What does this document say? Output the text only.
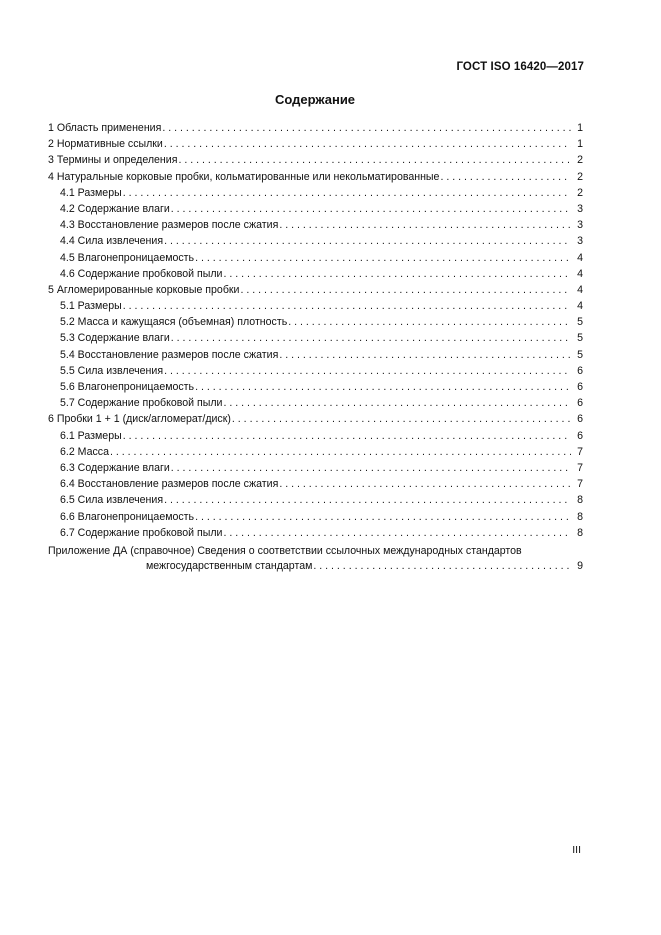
ГОСТ ISO 16420—2017
Содержание
1 Область применения . . .	1
2 Нормативные ссылки . . .	1
3 Термины и определения . . .	2
4 Натуральные корковые пробки, кольматированные или некольматированные . . .	2
4.1 Размеры . . .	2
4.2 Содержание влаги . . .	3
4.3 Восстановление размеров после сжатия . . .	3
4.4 Сила извлечения . . .	3
4.5 Влагонепроницаемость . . .	4
4.6 Содержание пробковой пыли . . .	4
5 Агломерированные корковые пробки . . .	4
5.1 Размеры . . .	4
5.2 Масса и кажущаяся (объемная) плотность . . .	5
5.3 Содержание влаги . . .	5
5.4 Восстановление размеров после сжатия . . .	5
5.5 Сила извлечения . . .	6
5.6 Влагонепроницаемость . . .	6
5.7 Содержание пробковой пыли . . .	6
6 Пробки 1 + 1 (диск/агломерат/диск) . . .	6
6.1 Размеры . . .	6
6.2 Масса . . .	7
6.3 Содержание влаги . . .	7
6.4 Восстановление размеров после сжатия . . .	7
6.5 Сила извлечения . . .	8
6.6 Влагонепроницаемость . . .	8
6.7 Содержание пробковой пыли . . .	8
Приложение ДА (справочное) Сведения о соответствии ссылочных международных стандартов
межгосударственным стандартам . . .	9
III
